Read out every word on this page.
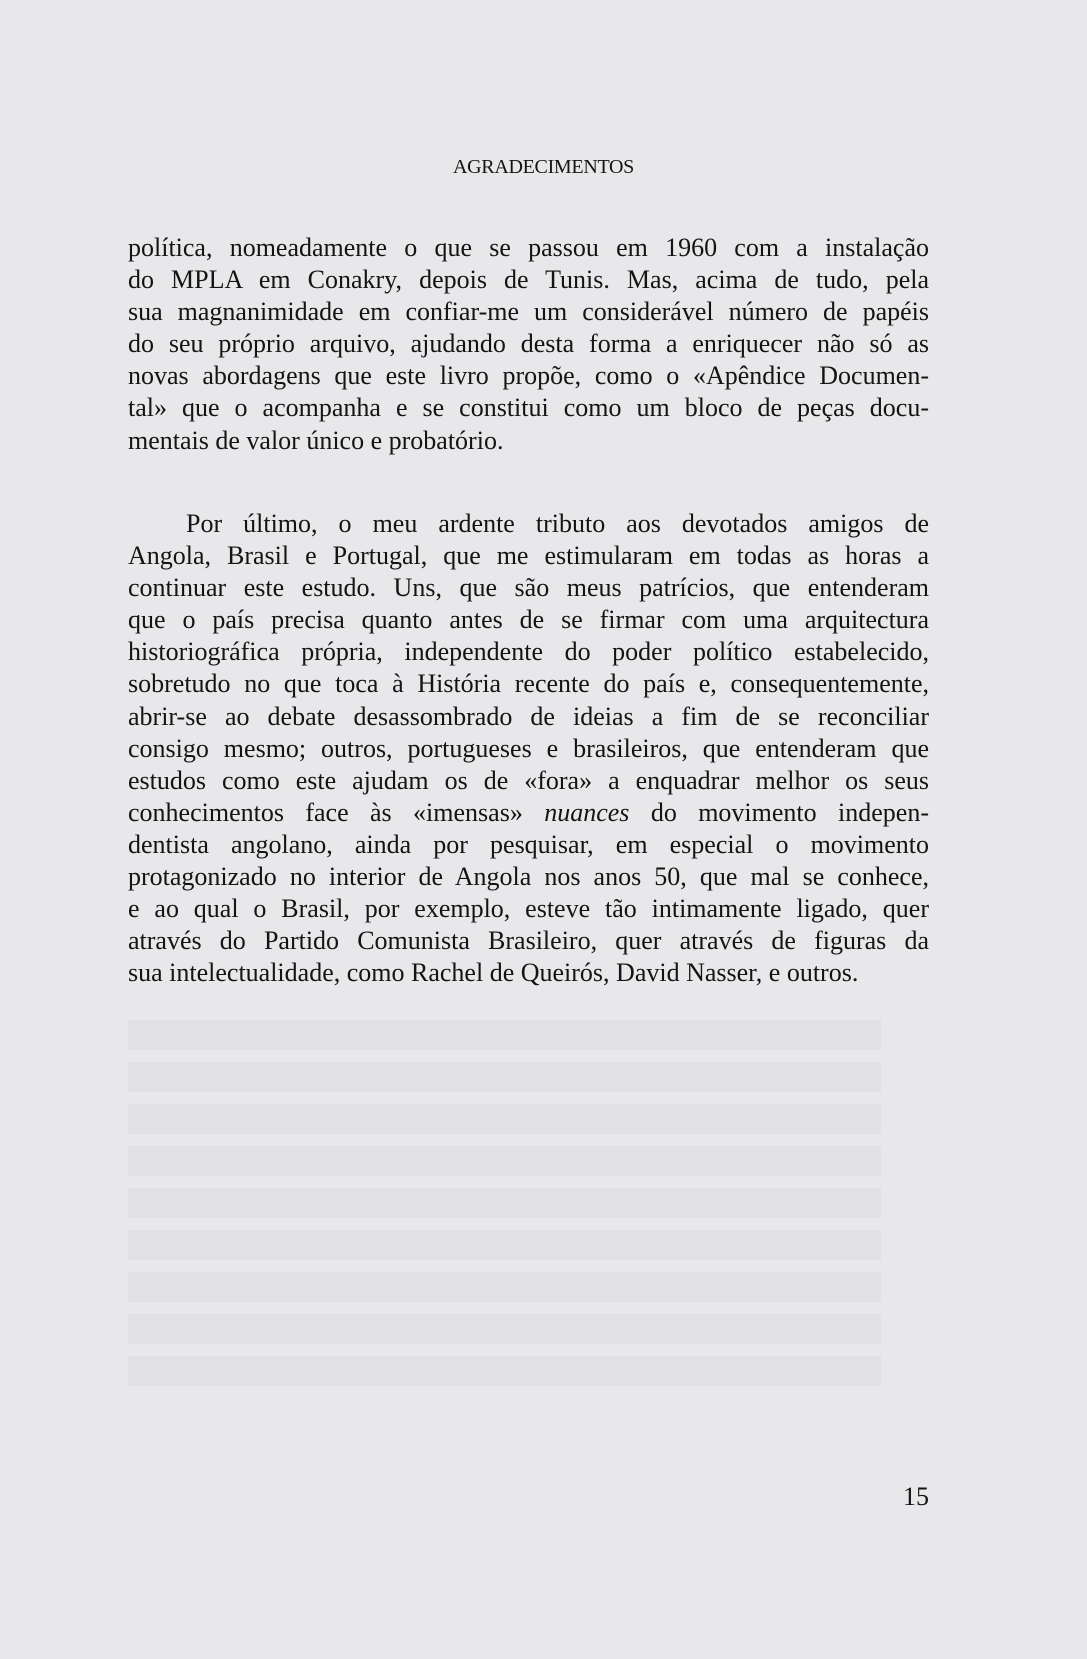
AGRADECIMENTOS

política, nomeadamente o que se passou em 1960 com a instalação
do MPLA em Conakry, depois de Tunis. Mas, acima de tudo, pela
sua magnanimidade em confiar-me um considerável número de papéis
do seu próprio arquivo, ajudando desta forma a enriquecer não só as
novas abordagens que este livro propõe, como o «Apêndice Documen-
tal» que o acompanha e se constitui como um bloco de peças docu-
mentais de valor único e probatório.

Por último, o meu ardente tributo aos devotados amigos de
Angola, Brasil e Portugal, que me estimularam em todas as horas a
continuar este estudo. Uns, que são meus patrícios, que entenderam
que o país precisa quanto antes de se firmar com uma arquitectura
historiográfica própria, independente do poder político estabelecido,
sobretudo no que toca à História recente do país e, consequentemente,
abrir-se ao debate desassombrado de ideias a fim de se reconciliar
consigo mesmo; outros, portugueses e brasileiros, que entenderam que
estudos como este ajudam os de «fora» a enquadrar melhor os seus
conhecimentos face às «imensas» nuances do movimento indepen-
dentista angolano, ainda por pesquisar, em especial o movimento
protagonizado no interior de Angola nos anos 50, que mal se conhece,
e ao qual o Brasil, por exemplo, esteve tão intimamente ligado, quer
através do Partido Comunista Brasileiro, quer através de figuras da
sua intelectualidade, como Rachel de Queirós, David Nasser, e outros.

15
